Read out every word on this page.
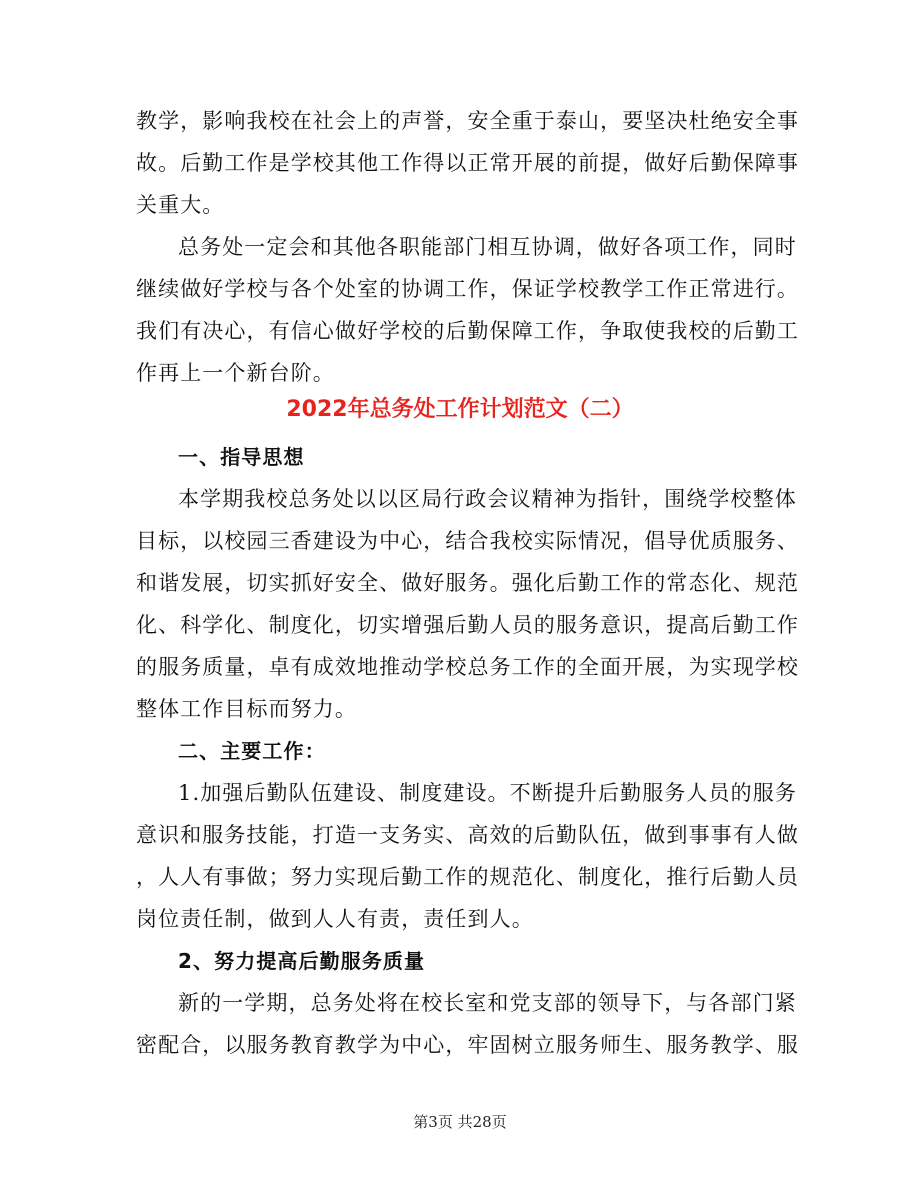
教学，影响我校在社会上的声誉，安全重于泰山，要坚决杜绝安全事
故。后勤工作是学校其他工作得以正常开展的前提，做好后勤保障事
关重大。
总务处一定会和其他各职能部门相互协调，做好各项工作，同时
继续做好学校与各个处室的协调工作，保证学校教学工作正常进行。
我们有决心，有信心做好学校的后勤保障工作，争取使我校的后勤工
作再上一个新台阶。
2022年总务处工作计划范文（二）
一、指导思想
本学期我校总务处以以区局行政会议精神为指针，围绕学校整体
目标，以校园三香建设为中心，结合我校实际情况，倡导优质服务、
和谐发展，切实抓好安全、做好服务。强化后勤工作的常态化、规范
化、科学化、制度化，切实增强后勤人员的服务意识，提高后勤工作
的服务质量，卓有成效地推动学校总务工作的全面开展，为实现学校
整体工作目标而努力。
二、主要工作：
1.加强后勤队伍建设、制度建设。不断提升后勤服务人员的服务
意识和服务技能，打造一支务实、高效的后勤队伍，做到事事有人做
，人人有事做；努力实现后勤工作的规范化、制度化，推行后勤人员
岗位责任制，做到人人有责，责任到人。
2、努力提高后勤服务质量
新的一学期，总务处将在校长室和党支部的领导下，与各部门紧
密配合，以服务教育教学为中心，牢固树立服务师生、服务教学、服
第3页 共28页
